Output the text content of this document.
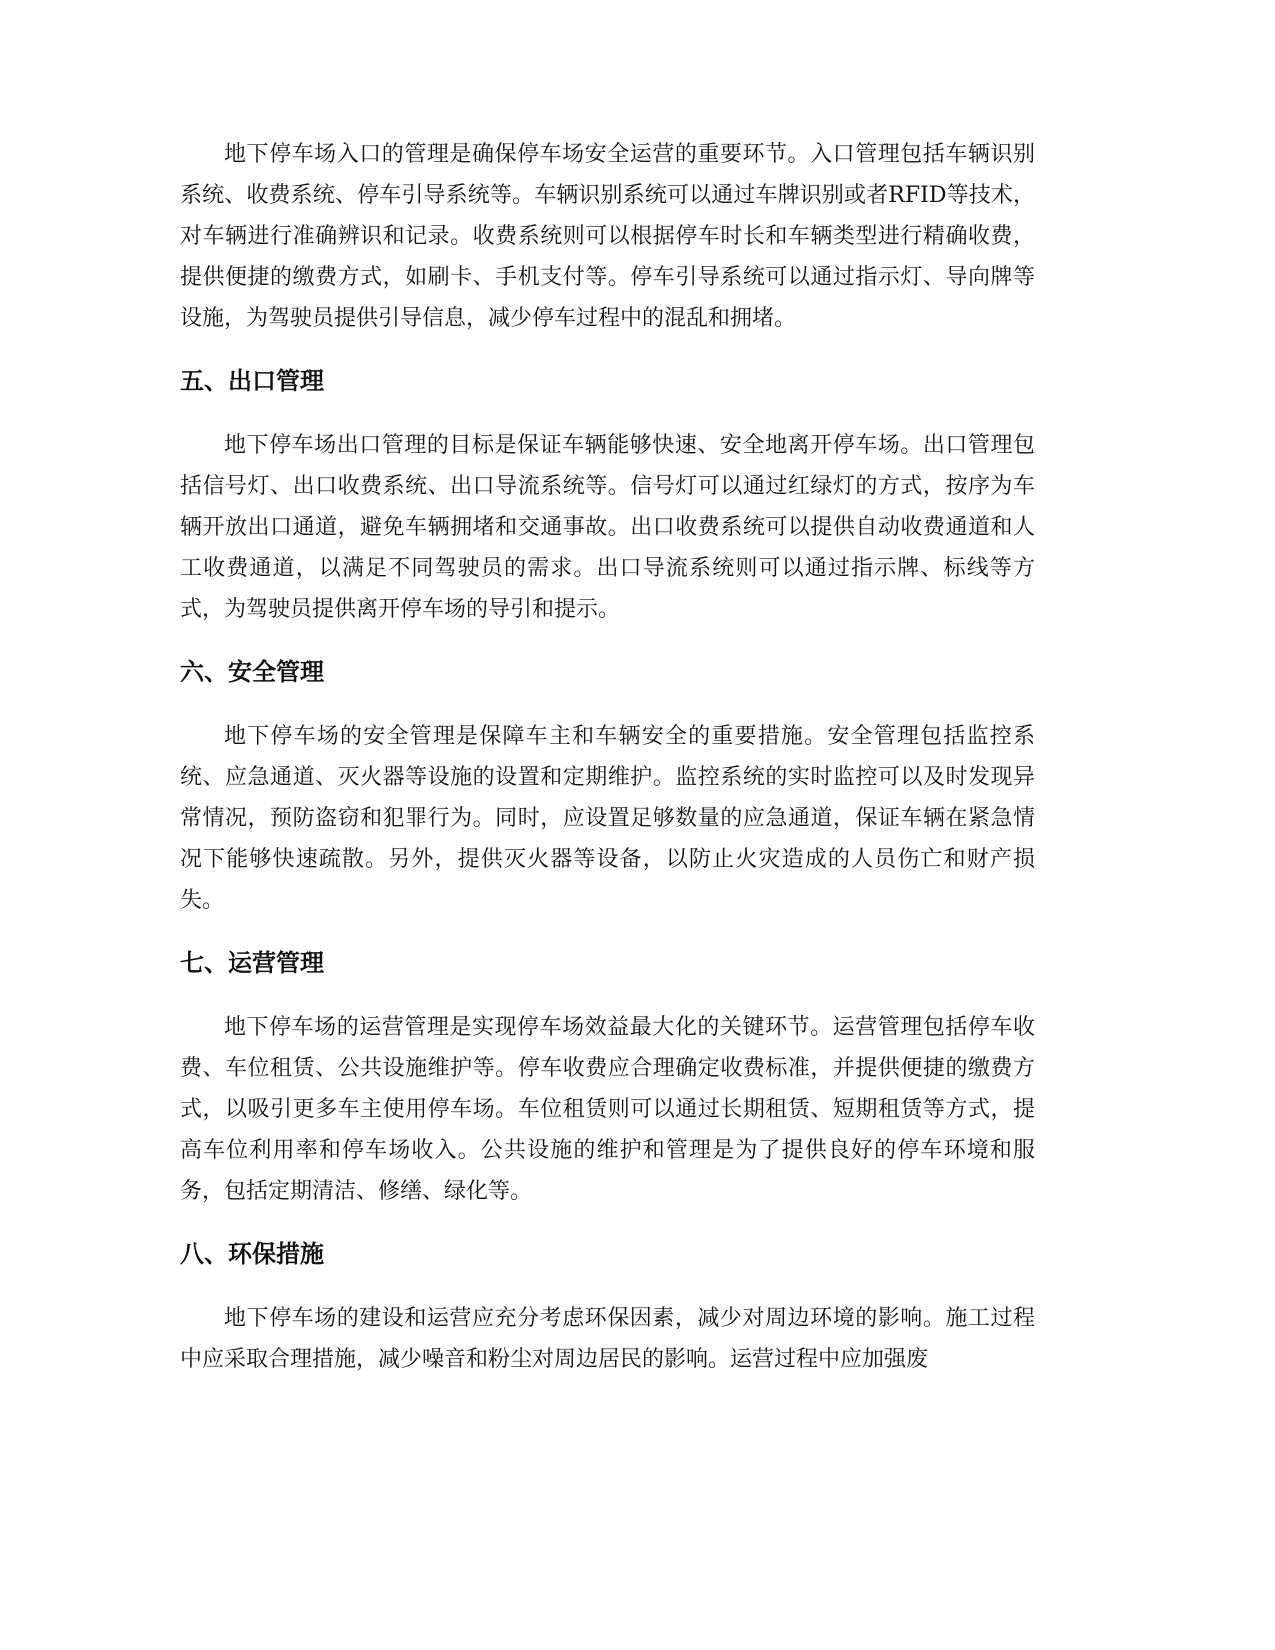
地下停车场入口的管理是确保停车场安全运营的重要环节。入口管理包括车辆识别系统、收费系统、停车引导系统等。车辆识别系统可以通过车牌识别或者RFID等技术，对车辆进行准确辨识和记录。收费系统则可以根据停车时长和车辆类型进行精确收费，提供便捷的缴费方式，如刷卡、手机支付等。停车引导系统可以通过指示灯、导向牌等设施，为驾驶员提供引导信息，减少停车过程中的混乱和拥堵。

五、出口管理

地下停车场出口管理的目标是保证车辆能够快速、安全地离开停车场。出口管理包括信号灯、出口收费系统、出口导流系统等。信号灯可以通过红绿灯的方式，按序为车辆开放出口通道，避免车辆拥堵和交通事故。出口收费系统可以提供自动收费通道和人工收费通道，以满足不同驾驶员的需求。出口导流系统则可以通过指示牌、标线等方式，为驾驶员提供离开停车场的导引和提示。

六、安全管理

地下停车场的安全管理是保障车主和车辆安全的重要措施。安全管理包括监控系统、应急通道、灭火器等设施的设置和定期维护。监控系统的实时监控可以及时发现异常情况，预防盗窃和犯罪行为。同时，应设置足够数量的应急通道，保证车辆在紧急情况下能够快速疏散。另外，提供灭火器等设备，以防止火灾造成的人员伤亡和财产损失。

七、运营管理

地下停车场的运营管理是实现停车场效益最大化的关键环节。运营管理包括停车收费、车位租赁、公共设施维护等。停车收费应合理确定收费标准，并提供便捷的缴费方式，以吸引更多车主使用停车场。车位租赁则可以通过长期租赁、短期租赁等方式，提高车位利用率和停车场收入。公共设施的维护和管理是为了提供良好的停车环境和服务，包括定期清洁、修缮、绿化等。

八、环保措施

地下停车场的建设和运营应充分考虑环保因素，减少对周边环境的影响。施工过程中应采取合理措施，减少噪音和粉尘对周边居民的影响。运营过程中应加强废
